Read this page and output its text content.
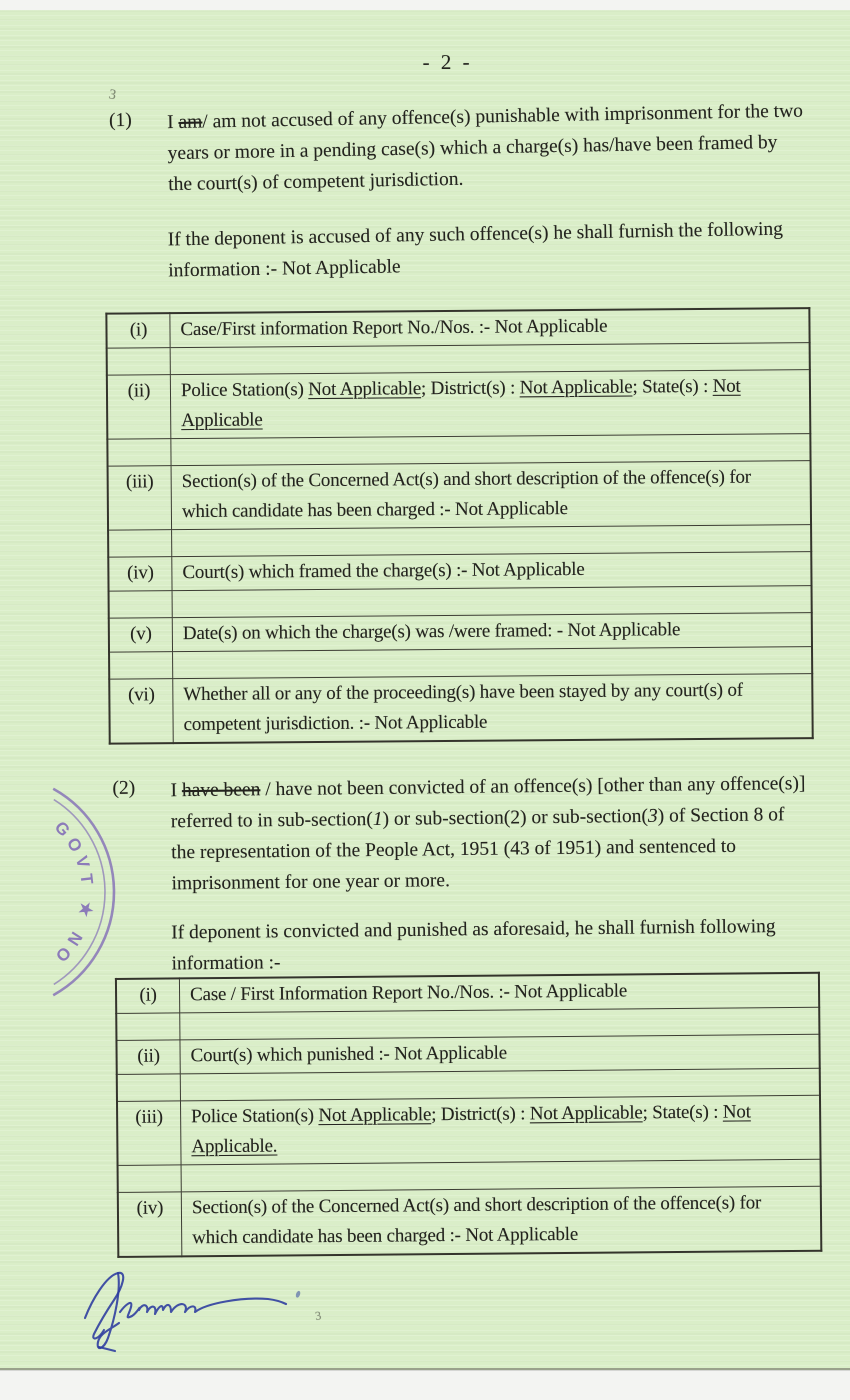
- 2 -
3
(1) I am/ am not accused of any offence(s) punishable with imprisonment for the two
years or more in a pending case(s) which a charge(s) has/have been framed by
the court(s) of competent jurisdiction.
If the deponent is accused of any such offence(s) he shall furnish the following
information :- Not Applicable
(i)	Case/First information Report No./Nos. :- Not Applicable

(ii)	Police Station(s) Not Applicable; District(s) : Not Applicable; State(s) : Not
Applicable

(iii)	Section(s) of the Concerned Act(s) and short description of the offence(s) for
which candidate has been charged :- Not Applicable

(iv)	Court(s) which framed the charge(s) :- Not Applicable

(v)	Date(s) on which the charge(s) was /were framed: - Not Applicable

(vi)	Whether all or any of the proceeding(s) have been stayed by any court(s) of
competent jurisdiction. :- Not Applicable
(2) I have been / have not been convicted of an offence(s) [other than any offence(s)]
referred to in sub-section(1) or sub-section(2) or sub-section(3) of Section 8 of
the representation of the People Act, 1951 (43 of 1951) and sentenced to
imprisonment for one year or more.
If deponent is convicted and punished as aforesaid, he shall furnish following
information :-
(i)	Case / First Information Report No./Nos. :- Not Applicable

(ii)	Court(s) which punished :- Not Applicable

(iii)	Police Station(s) Not Applicable; District(s) : Not Applicable; State(s) : Not
Applicable.

(iv)	Section(s) of the Concerned Act(s) and short description of the offence(s) for
which candidate has been charged :- Not Applicable
3
GOVT ★ NO
